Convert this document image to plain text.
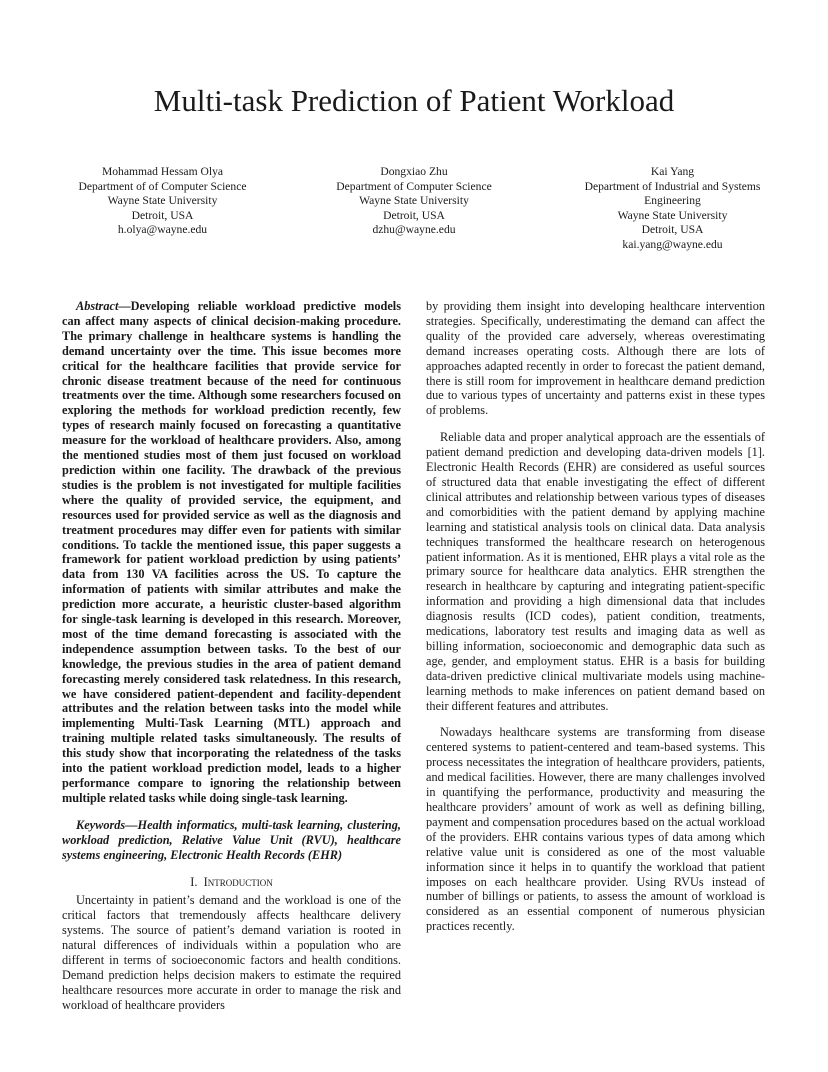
Multi-task Prediction of Patient Workload
Mohammad Hessam Olya
Department of of Computer Science
Wayne State University
Detroit, USA
h.olya@wayne.edu
Dongxiao Zhu
Department of Computer Science
Wayne State University
Detroit, USA
dzhu@wayne.edu
Kai Yang
Department of Industrial and Systems
Engineering
Wayne State University
Detroit, USA
kai.yang@wayne.edu

Abstract—Developing reliable workload predictive models can affect many aspects of clinical decision-making procedure. The primary challenge in healthcare systems is handling the demand uncertainty over the time. This issue becomes more critical for the healthcare facilities that provide service for chronic disease treatment because of the need for continuous treatments over the time. Although some researchers focused on exploring the methods for workload prediction recently, few types of research mainly focused on forecasting a quantitative measure for the workload of healthcare providers. Also, among the mentioned studies most of them just focused on workload prediction within one facility. The drawback of the previous studies is the problem is not investigated for multiple facilities where the quality of provided service, the equipment, and resources used for provided service as well as the diagnosis and treatment procedures may differ even for patients with similar conditions. To tackle the mentioned issue, this paper suggests a framework for patient workload prediction by using patients’ data from 130 VA facilities across the US. To capture the information of patients with similar attributes and make the prediction more accurate, a heuristic cluster-based algorithm for single-task learning is developed in this research. Moreover, most of the time demand forecasting is associated with the independence assumption between tasks. To the best of our knowledge, the previous studies in the area of patient demand forecasting merely considered task relatedness. In this research, we have considered patient-dependent and facility-dependent attributes and the relation between tasks into the model while implementing Multi-Task Learning (MTL) approach and training multiple related tasks simultaneously. The results of this study show that incorporating the relatedness of the tasks into the patient workload prediction model, leads to a higher performance compare to ignoring the relationship between multiple related tasks while doing single-task learning.

Keywords—Health informatics, multi-task learning, clustering, workload prediction, Relative Value Unit (RVU), healthcare systems engineering, Electronic Health Records (EHR)

I. Introduction

Uncertainty in patient’s demand and the workload is one of the critical factors that tremendously affects healthcare delivery systems. The source of patient’s demand variation is rooted in natural differences of individuals within a population who are different in terms of socioeconomic factors and health conditions. Demand prediction helps decision makers to estimate the required healthcare resources more accurate in order to manage the risk and workload of healthcare providers

by providing them insight into developing healthcare intervention strategies. Specifically, underestimating the demand can affect the quality of the provided care adversely, whereas overestimating demand increases operating costs. Although there are lots of approaches adapted recently in order to forecast the patient demand, there is still room for improvement in healthcare demand prediction due to various types of uncertainty and patterns exist in these types of problems.

Reliable data and proper analytical approach are the essentials of patient demand prediction and developing data-driven models [1]. Electronic Health Records (EHR) are considered as useful sources of structured data that enable investigating the effect of different clinical attributes and relationship between various types of diseases and comorbidities with the patient demand by applying machine learning and statistical analysis tools on clinical data. Data analysis techniques transformed the healthcare research on heterogenous patient information. As it is mentioned, EHR plays a vital role as the primary source for healthcare data analytics. EHR strengthen the research in healthcare by capturing and integrating patient-specific information and providing a high dimensional data that includes diagnosis results (ICD codes), patient condition, treatments, medications, laboratory test results and imaging data as well as billing information, socioeconomic and demographic data such as age, gender, and employment status. EHR is a basis for building data-driven predictive clinical multivariate models using machine-learning methods to make inferences on patient demand based on their different features and attributes.

Nowadays healthcare systems are transforming from disease centered systems to patient-centered and team-based systems. This process necessitates the integration of healthcare providers, patients, and medical facilities. However, there are many challenges involved in quantifying the performance, productivity and measuring the healthcare providers’ amount of work as well as defining billing, payment and compensation procedures based on the actual workload of the providers. EHR contains various types of data among which relative value unit is considered as one of the most valuable information since it helps in to quantify the workload that patient imposes on each healthcare provider. Using RVUs instead of number of billings or patients, to assess the amount of workload is considered as an essential component of numerous physician practices recently.
